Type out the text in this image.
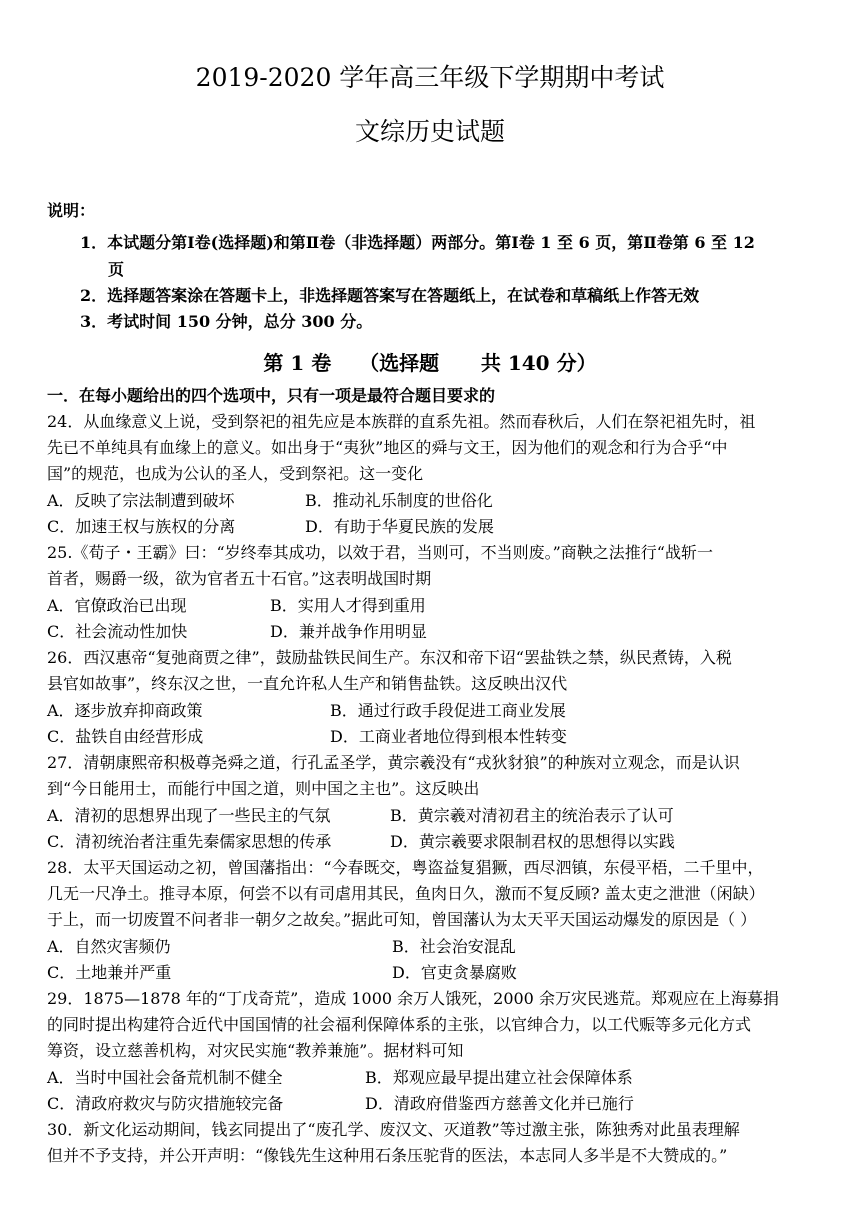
2019-2020 学年高三年级下学期期中考试
文综历史试题
说明：
1．本试题分第Ⅰ卷(选择题)和第Ⅱ卷（非选择题）两部分。第Ⅰ卷 1 至 6 页，第Ⅱ卷第 6 至 12
页
2．选择题答案涂在答题卡上，非选择题答案写在答题纸上，在试卷和草稿纸上作答无效
3．考试时间 150 分钟，总分 300 分。
第 1 卷    （选择题      共 140 分）
一．在每小题给出的四个选项中，只有一项是最符合题目要求的
24．从血缘意义上说，受到祭祀的祖先应是本族群的直系先祖。然而春秋后，人们在祭祀祖先时，祖
先已不单纯具有血缘上的意义。如出身于“夷狄”地区的舜与文王，因为他们的观念和行为合乎“中
国”的规范，也成为公认的圣人，受到祭祀。这一变化
A．反映了宗法制遭到破坏	B．推动礼乐制度的世俗化
C．加速王权与族权的分离	D．有助于华夏民族的发展
25.《荀子・王霸》曰：“岁终奉其成功，以效于君，当则可，不当则废。”商鞅之法推行“战斩一
首者，赐爵一级，欲为官者五十石官。”这表明战国时期
A．官僚政治已出现	B．实用人才得到重用
C．社会流动性加快	D．兼并战争作用明显
26．西汉惠帝“复弛商贾之律”，鼓励盐铁民间生产。东汉和帝下诏“罢盐铁之禁，纵民煮铸，入税
县官如故事”，终东汉之世，一直允许私人生产和销售盐铁。这反映出汉代
A．逐步放弃抑商政策	B．通过行政手段促进工商业发展
C．盐铁自由经营形成	D．工商业者地位得到根本性转变
27．清朝康熙帝积极尊尧舜之道，行孔孟圣学，黄宗羲没有“戎狄豺狼”的种族对立观念，而是认识
到“今日能用士，而能行中国之道，则中国之主也”。这反映出
A．清初的思想界出现了一些民主的气氛	B．黄宗羲对清初君主的统治表示了认可
C．清初统治者注重先秦儒家思想的传承	D．黄宗羲要求限制君权的思想得以实践
28．太平天国运动之初，曾国藩指出：“今春既交，粤盗益复猖獗，西尽泗镇，东侵平梧，二千里中，
几无一尺净土。推寻本原，何尝不以有司虐用其民，鱼肉日久，激而不复反顾? 盖太吏之泄泄（闲缺）
于上，而一切废置不问者非一朝夕之故矣。”据此可知，曾国藩认为太天平天国运动爆发的原因是（ ）
A．自然灾害频仍	B．社会治安混乱
C．土地兼并严重	D．官吏贪暴腐败
29．1875—1878 年的“丁戊奇荒”，造成 1000 余万人饿死，2000 余万灾民逃荒。郑观应在上海募捐
的同时提出构建符合近代中国国情的社会福利保障体系的主张，以官绅合力，以工代赈等多元化方式
筹资，设立慈善机构，对灾民实施“教养兼施”。据材料可知
A．当时中国社会备荒机制不健全	B．郑观应最早提出建立社会保障体系
C．清政府救灾与防灾措施较完备	D．清政府借鉴西方慈善文化并已施行
30．新文化运动期间，钱玄同提出了“废孔学、废汉文、灭道教”等过激主张，陈独秀对此虽表理解
但并不予支持，并公开声明：“像钱先生这种用石条压驼背的医法，本志同人多半是不大赞成的。”
